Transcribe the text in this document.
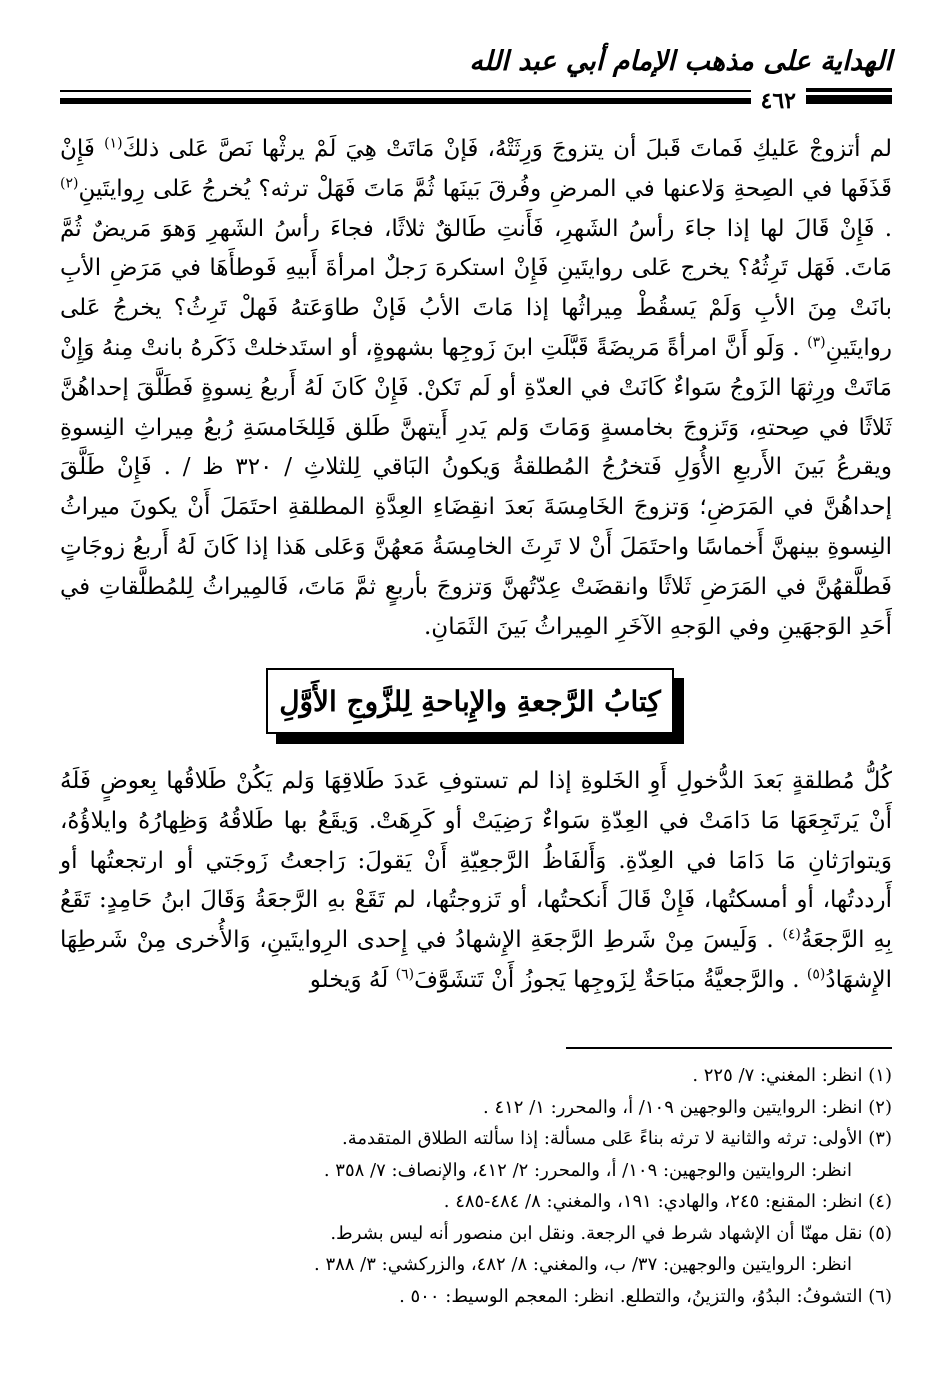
الهداية على مذهب الإمام أبي عبد الله
٤٦٢

لم أتزوجْ عَليكِ فَماتَ قَبلَ أن يتزوجَ وَرِثَتْهُ، فَإنْ مَاتَتْ هِيَ لَمْ يرثْها نَصَّ عَلى ذلكَ$^{(١)}$ فَإِنْ قَذَفَها في الصِحةِ وَلاعنها في المرضِ وفُرقَ بَينَها ثُمَّ مَاتَ فَهَلْ ترثه؟ يُخرجُ عَلى رِوايتَينِ$^{(٢)}$ . فَإِنْ قَالَ لها إذا جاءَ رأسُ الشَهرِ، فَأَنتِ طَالقٌ ثلاثًا، فجاءَ رأسُ الشَهرِ وَهوَ مَريضٌ ثُمَّ مَاتَ. فَهَل تَرِثُهُ؟ يخرج عَلى روايتَينِ فَإِنْ استكرهَ رَجلٌ امرأةَ أَبيهِ فَوطأَهَا في مَرَضِ الأبِ بانَتْ مِنَ الأبِ وَلَمْ يَسقُطْ مِيراثُها إذا مَاتَ الأبُ فَإنْ طاوَعَتهُ فَهلْ تَرِثُ؟ يخرجُ عَلى روايتَينِ$^{(٣)}$ . وَلَو أَنَّ امرأةً مَريضَةً قَبَّلَتِ ابنَ زَوجِها بشهوةٍ، أو استَدخلتْ ذَكَرهُ بانتْ مِنهُ وَإِنْ مَاتَتْ ورِثهَا الزَوجُ سَواءٌ كَانَتْ في العدّةِ أو لَم تَكنْ. فَإِنْ كَانَ لَهُ أَربعُ نِسوةٍ فَطَلَّقَ إحداهُنَّ ثَلاثًا في صِحتهِ، وَتَزوجَ بخامسةٍ وَمَاتَ وَلم يَدرِ أَيتهنَّ طَلق فَلِلخَامسَةِ رُبعُ مِيراثِ النِسوةِ ويقرعُ بَينَ الأَربعِ الأُوَلِ فَتخرُجُ المُطلقةُ وَيكونُ البَاقي لِلثلاثِ / ٣٢٠ ظ / . فَإِنْ طَلَّقَ إحداهُنَّ في المَرَضِ؛ وَتزوجَ الخَامِسَةَ بَعدَ انقِضَاءِ العِدَّةِ المطلقةِ احتَمَلَ أَنْ يكونَ ميراثُ النِسوةِ بينهنَّ أَخماسًا واحتَمَلَ أَنْ لا تَرِثَ الخامِسَةُ مَعهُنَّ وَعَلى هَذا إذا كَانَ لَهُ أَربعُ زوجَاتٍ فَطلَّقهُنَّ في المَرَضِ ثَلاثًا وانقضَتْ عِدّتُهنَّ وَتزوجَ بأربعٍ ثمَّ مَاتَ، فَالمِيراثُ لِلمُطلَّقاتِ في أَحَدِ الوَجهَينِ وفي الوَجهِ الآخَرِ المِيراثُ بَينَ الثَمَانِ.

كِتابُ الرَّجعةِ والإِباحةِ لِلزَّوجِ الأَوَّلِ

كُلُّ مُطلقةٍ بَعدَ الدُّخولِ أَوِ الخَلوةِ إذا لم تستوفِ عَددَ طَلاقِهَا وَلم يَكُنْ طَلاقُها بِعوضٍ فَلَهُ أَنْ يَرتَجِعَهَا مَا دَامَتْ في العِدّةِ سَواءٌ رَضِيَتْ أو كَرِهَتْ. وَيقَعُ بها طَلاقُهُ وَظِهارُهُ وايلاؤُهُ، وَيتوارَثانِ مَا دَامَا في العِدّةِ. وَأَلفَاظُ الرَّجعِيّةِ أَنْ يَقولَ: رَاجعتُ زَوجَتي أو ارتجعتُها أو أَرددتُها، أو أمسكتُها، فَإِنْ قَالَ أَنكحتُها، أو تَزوجتُها، لم تَقَعْ بهِ الرَّجعَةُ وَقَالَ ابنُ حَامِدٍ: تَقَعُ بِهِ الرَّجعَةُ$^{(٤)}$ . وَلَيسَ مِنْ شَرطِ الرَّجعَةِ الإِشهادُ في إِحدى الرِوايتَينِ، وَالأُخرى مِنْ شَرطِهَا الإِشهَادُ$^{(٥)}$ . والرَّجعيَّةُ مبَاحَةٌ لِزَوجِها يَجوزُ أَنْ تَتشَوَّفَ$^{(٦)}$ لَهُ وَيخلو

(١) انظر: المغني: ٧/ ٢٢٥ .

(٢) انظر: الروايتين والوجهين ١٠٩/ أ، والمحرر: ١/ ٤١٢ .

(٣) الأولى: ترثه والثانية لا ترثه بناءً عَلى مسألة: إذا سألته الطلاق المتقدمة.

انظر: الروايتين والوجهين: ١٠٩/ أ، والمحرر: ٢/ ٤١٢، والإنصاف: ٧/ ٣٥٨ .

(٤) انظر: المقنع: ٢٤٥، والهادي: ١٩١، والمغني: ٨/ ٤٨٤-٤٨٥ .

(٥) نقل مهنّا أن الإشهاد شرط في الرجعة. ونقل ابن منصور أنه ليس بشرط.

انظر: الروايتين والوجهين: ٣٧/ ب، والمغني: ٨/ ٤٨٢، والزركشي: ٣/ ٣٨٨ .

(٦) التشوفُ: البدُوُ، والتزينُ، والتطلع. انظر: المعجم الوسيط: ٥٠٠ .
